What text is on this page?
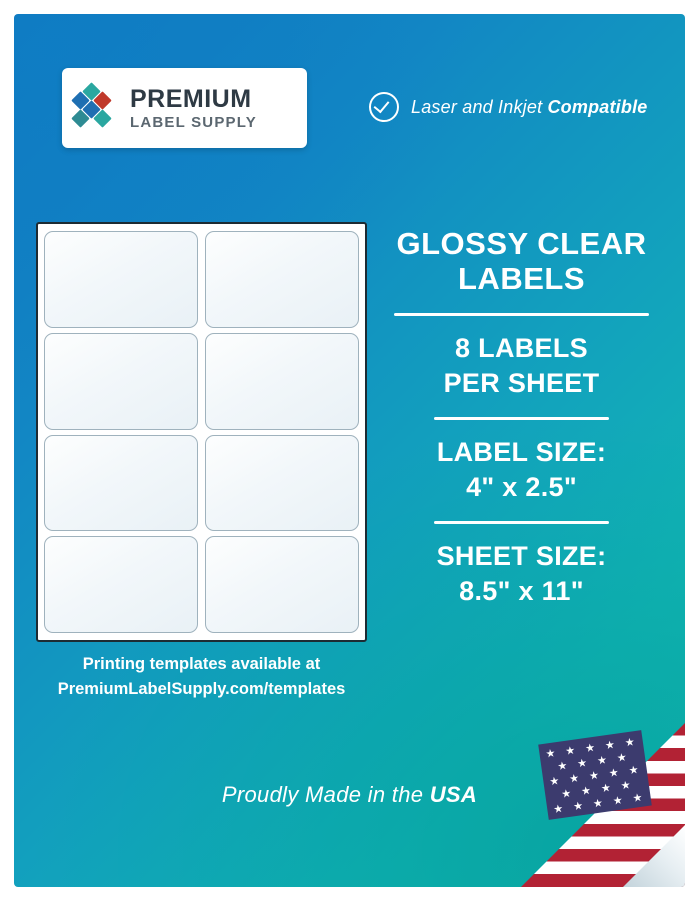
PREMIUM
LABEL SUPPLY
Laser and Inkjet Compatible
Printing templates available at
PremiumLabelSupply.com/templates
GLOSSY CLEAR
LABELS
8 LABELS
PER SHEET
LABEL SIZE:
4" x 2.5"
SHEET SIZE:
8.5" x 11"
Proudly Made in the USA
★ ★ ★ ★ ★
★ ★ ★ ★
★ ★ ★ ★ ★
★ ★ ★ ★
★ ★ ★ ★ ★
